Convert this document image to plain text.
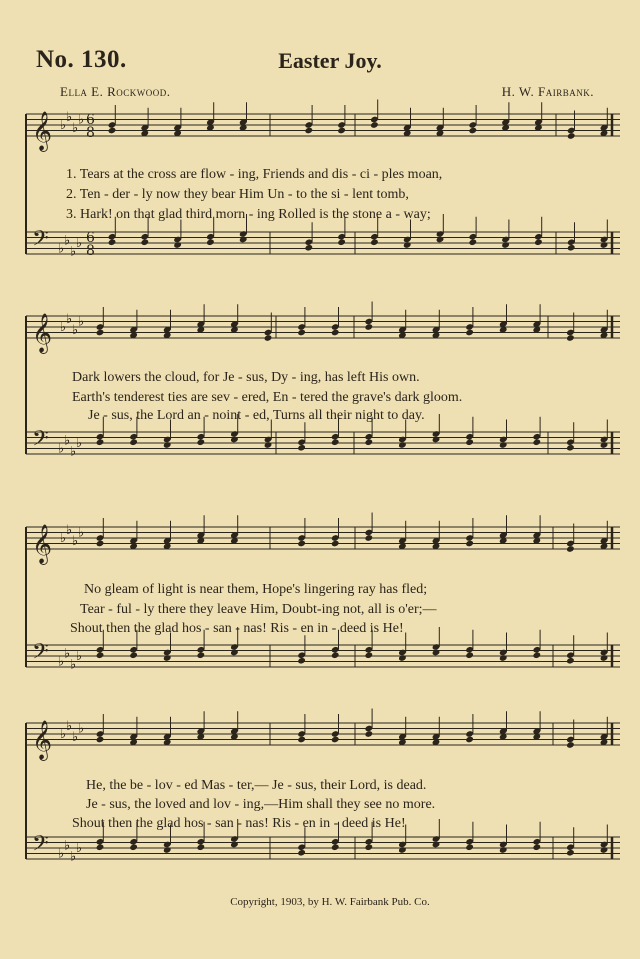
No. 130.	Easter Joy.
Ella E. Rockwood.	H. W. Fairbank.
𝄞
𝄢
♭
♭
♭
♭
♭
♭
♭
♭
6
8
6
8
𝄞
𝄢
♭
♭
♭
♭
♭
♭
♭
♭
𝄞
𝄢
♭
♭
♭
♭
♭
♭
♭
♭
𝄞
𝄢
♭
♭
♭
♭
♭
♭
♭
♭
1. Tears at the cross are flow - ing, Friends and dis - ci - ples moan,
2. Ten - der - ly now they bear Him Un - to the si - lent tomb,
3. Hark! on that glad third morn - ing Rolled is the stone a - way;
Dark lowers the cloud, for Je - sus, Dy - ing, has left His own.
Earth's tenderest ties are sev - ered, En - tered the grave's dark gloom.
Je - sus, the Lord an - noint - ed, Turns all their night to day.
No gleam of light is near them, Hope's lingering ray has fled;
Tear - ful - ly there they leave Him, Doubt-ing not, all is o'er;—
Shout then the glad hos - san - nas! Ris - en in - deed is He!
He, the be - lov - ed Mas - ter,— Je - sus, their Lord, is dead.
Je - sus, the loved and lov - ing,—Him shall they see no more.
Shout then the glad hos - san - nas! Ris - en in - deed is He!
Copyright, 1903, by H. W. Fairbank Pub. Co.
